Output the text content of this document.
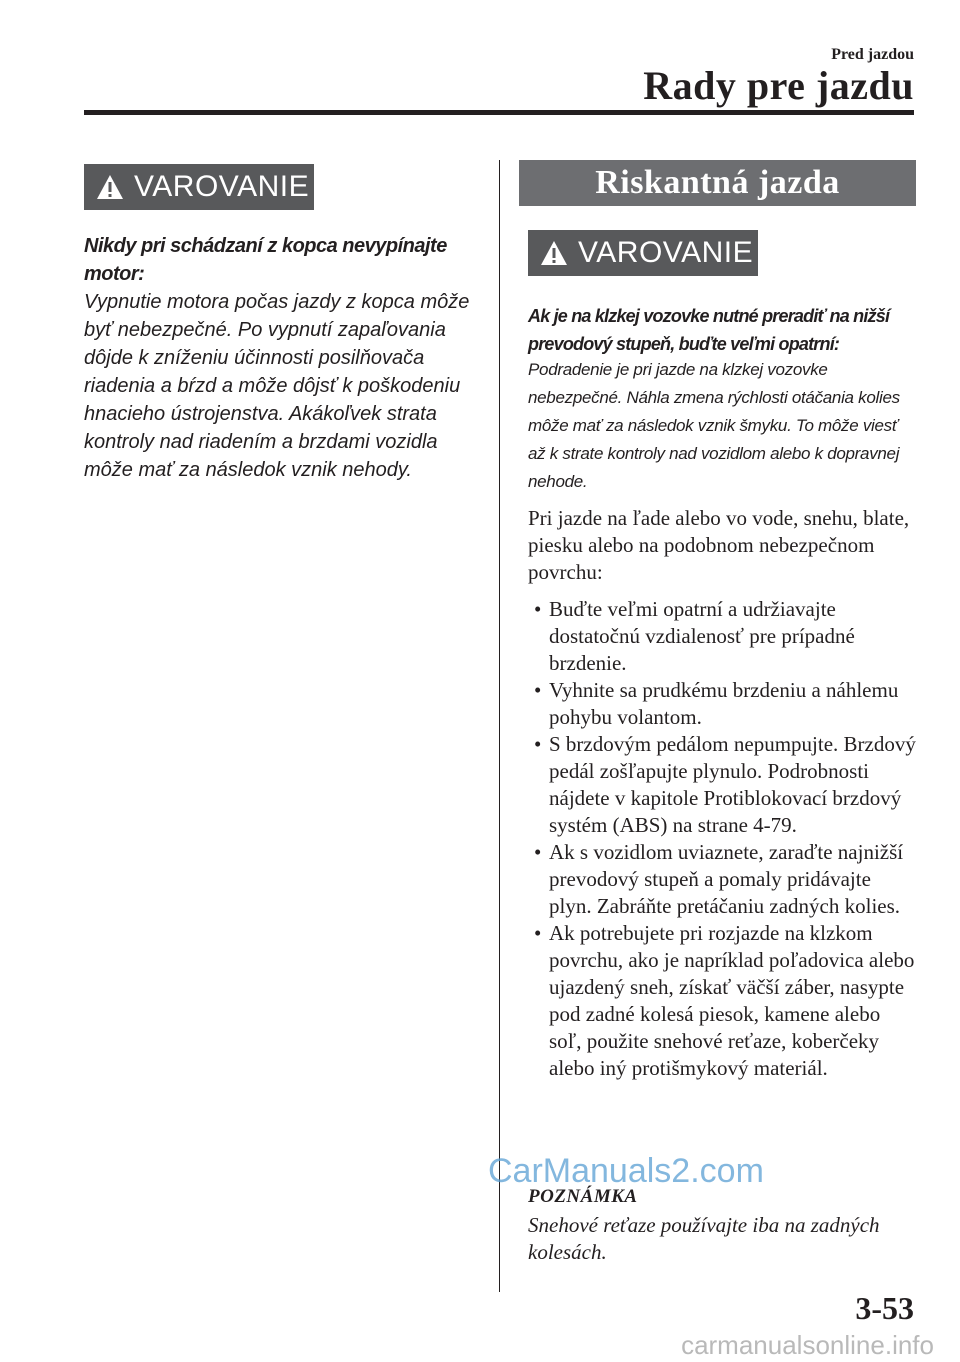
Pred jazdou
Rady pre jazdu
VAROVANIE
Nikdy pri schádzaní z kopca nevypínajte motor:
Vypnutie motora počas jazdy z kopca môže byť nebezpečné. Po vypnutí zapaľovania dôjde k zníženiu účinnosti posilňovača riadenia a bŕzd a môže dôjsť k poškodeniu hnacieho ústrojenstva. Akákoľvek strata kontroly nad riadením a brzdami vozidla môže mať za následok vznik nehody.
Riskantná jazda
VAROVANIE
Ak je na klzkej vozovke nutné preradiť na nižší prevodový stupeň, buďte veľmi opatrní:
Podradenie je pri jazde na klzkej vozovke nebezpečné. Náhla zmena rýchlosti otáčania kolies môže mať za následok vznik šmyku. To môže viesť až k strate kontroly nad vozidlom alebo k dopravnej nehode.
Pri jazde na ľade alebo vo vode, snehu, blate, piesku alebo na podobnom nebezpečnom povrchu:
• Buďte veľmi opatrní a udržiavajte dostatočnú vzdialenosť pre prípadné brzdenie.
• Vyhnite sa prudkému brzdeniu a náhlemu pohybu volantom.
• S brzdovým pedálom nepumpujte. Brzdový pedál zošľapujte plynulo. Podrobnosti nájdete v kapitole Protiblokovací brzdový systém (ABS) na strane 4-79.
• Ak s vozidlom uviaznete, zaraďte najnižší prevodový stupeň a pomaly pridávajte plyn. Zabráňte pretáčaniu zadných kolies.
• Ak potrebujete pri rozjazde na klzkom povrchu, ako je napríklad poľadovica alebo ujazdený sneh, získať väčší záber, nasypte pod zadné kolesá piesok, kamene alebo soľ, použite snehové reťaze, koberčeky alebo iný protišmykový materiál.
POZNÁMKA
Snehové reťaze používajte iba na zadných kolesách.
CarManuals2.com
3-53
carmanualsonline.info
